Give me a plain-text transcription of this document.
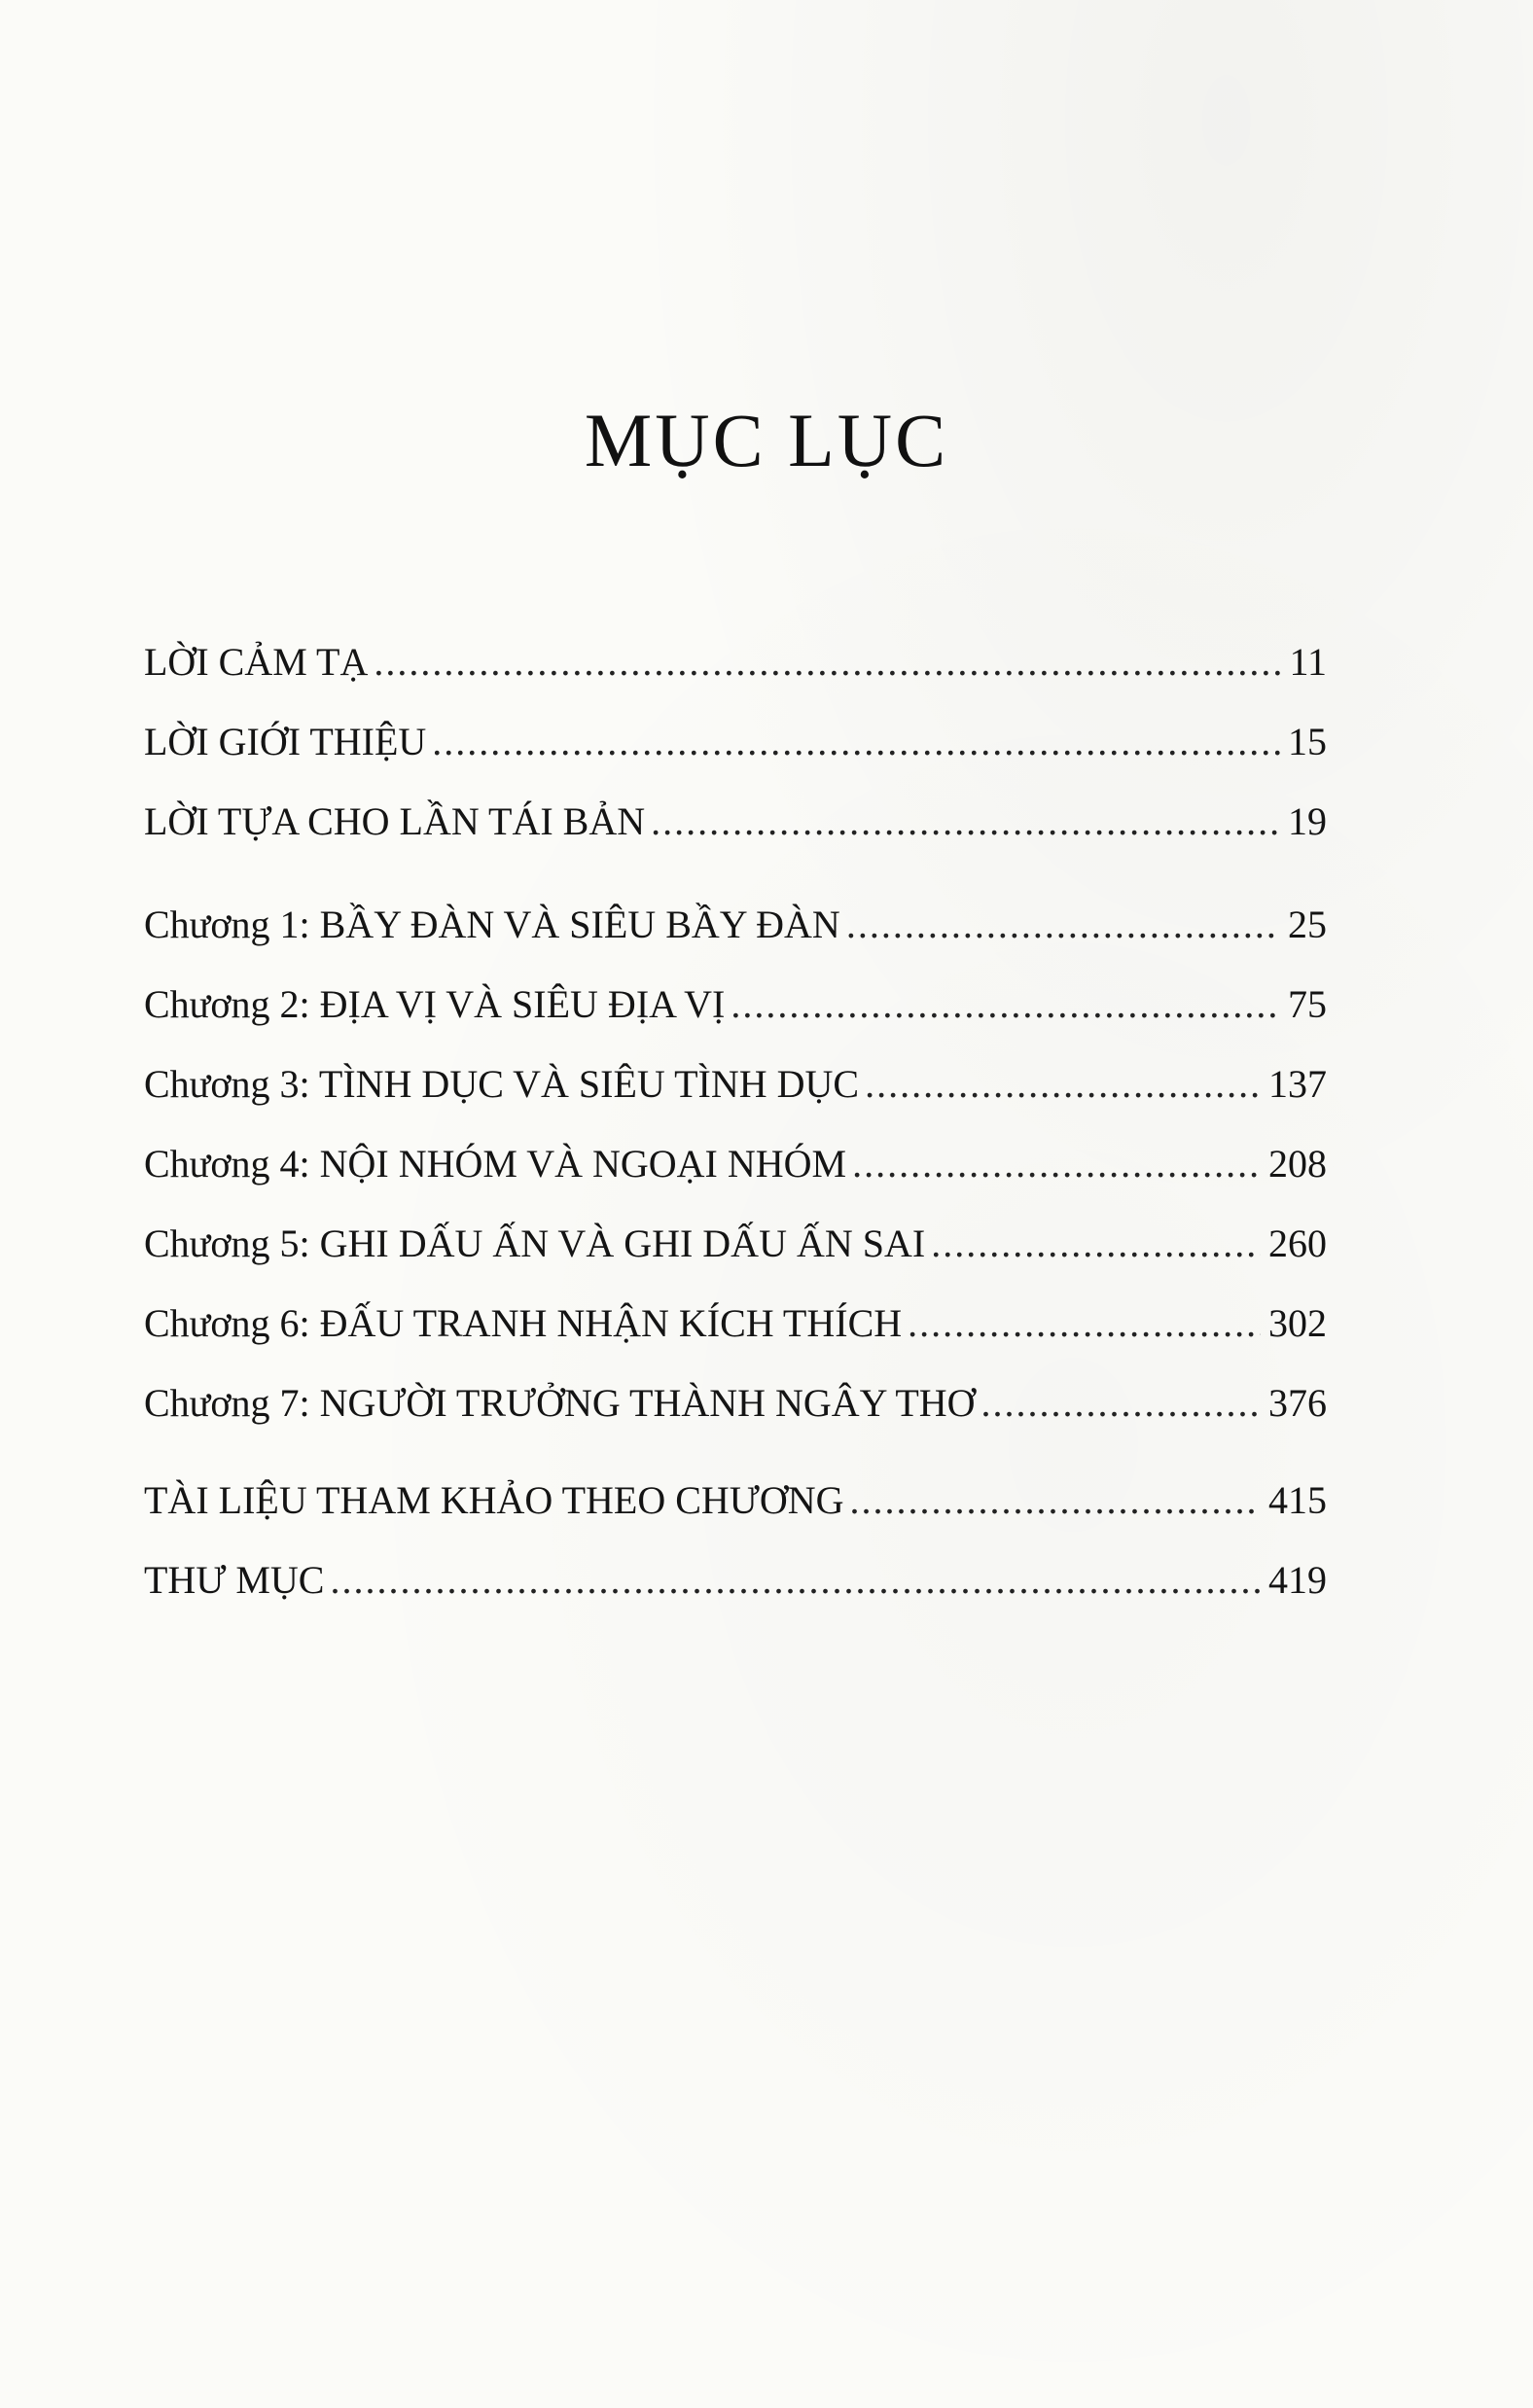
MỤC LỤC
LỜI CẢM TẠ .....	11
LỜI GIỚI THIỆU .....	15
LỜI TỰA CHO LẦN TÁI BẢN .....	19
Chương 1: BẦY ĐÀN VÀ SIÊU BẦY ĐÀN .....	25
Chương 2: ĐỊA VỊ VÀ SIÊU ĐỊA VỊ .....	75
Chương 3: TÌNH DỤC VÀ SIÊU TÌNH DỤC .....	137
Chương 4: NỘI NHÓM VÀ NGOẠI NHÓM .....	208
Chương 5: GHI DẤU ẤN VÀ GHI DẤU ẤN SAI .....	260
Chương 6: ĐẤU TRANH NHẬN KÍCH THÍCH .....	302
Chương 7: NGƯỜI TRƯỞNG THÀNH NGÂY THƠ .....	376
TÀI LIỆU THAM KHẢO THEO CHƯƠNG .....	415
THƯ MỤC .....	419
